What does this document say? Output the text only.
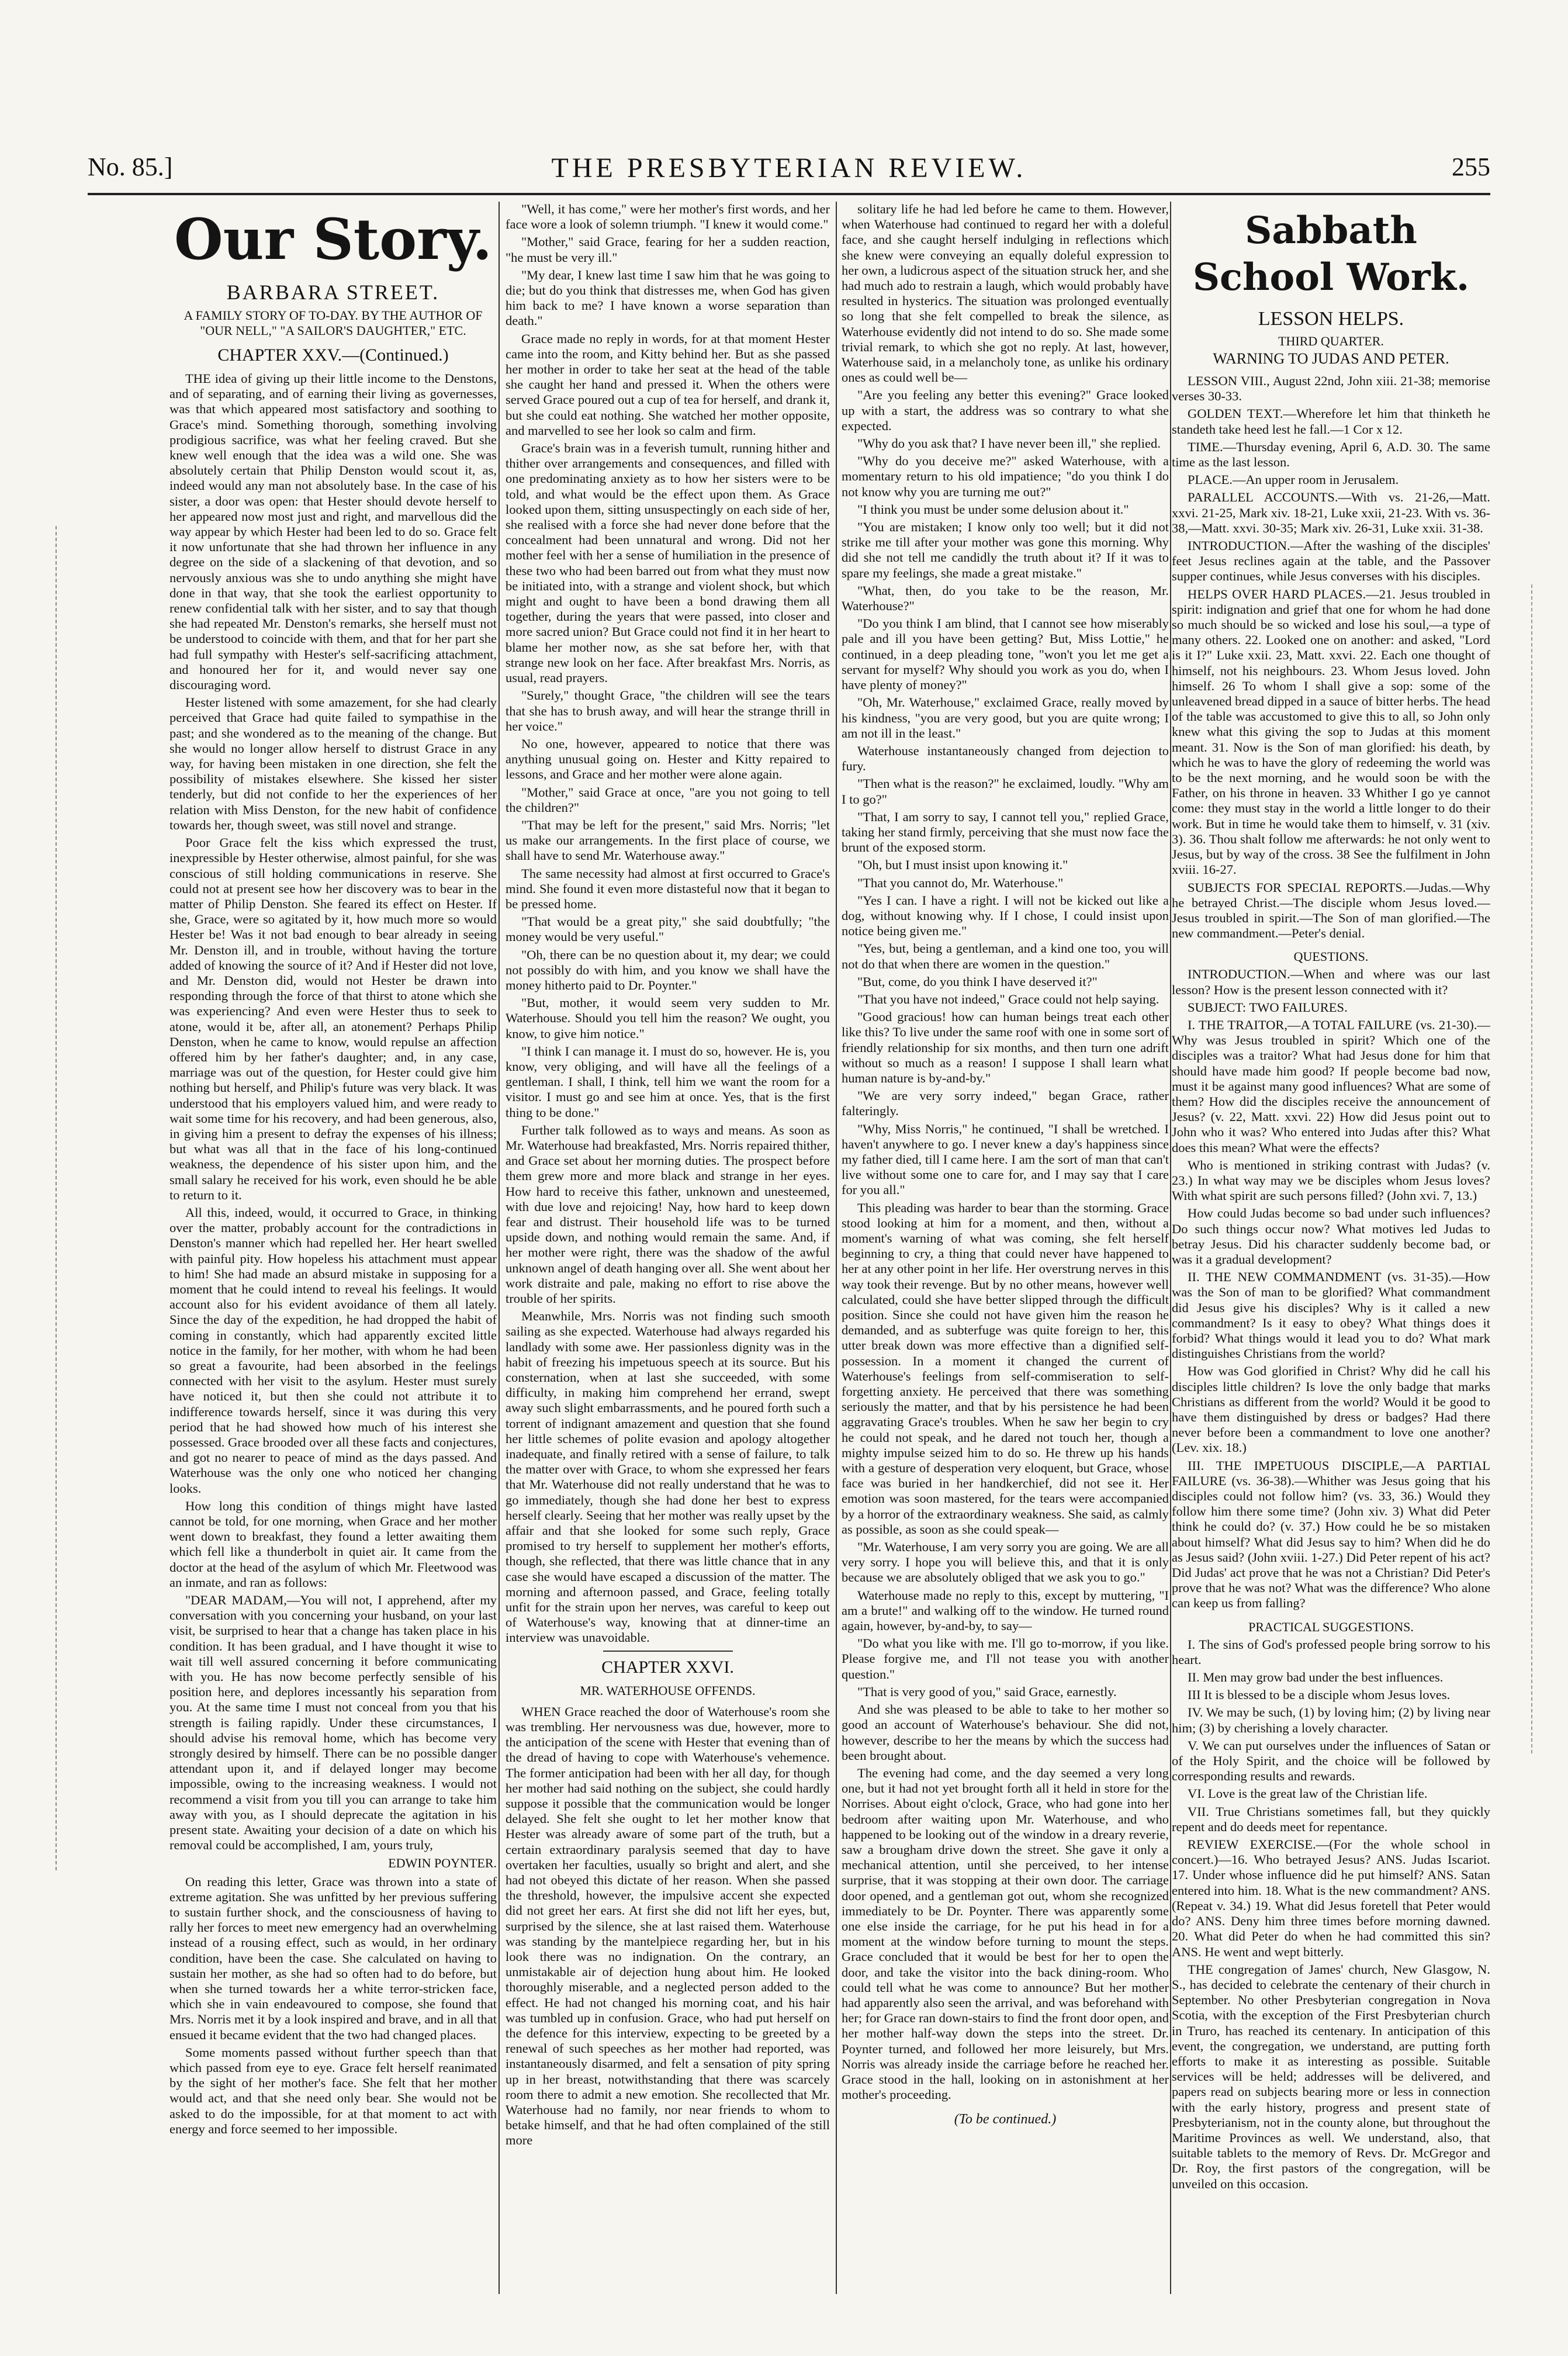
No. 85.]	THE PRESBYTERIAN REVIEW.	255
Our Story.
BARBARA STREET.
A FAMILY STORY OF TO-DAY. BY THE AUTHOR OF "OUR NELL," "A SAILOR'S DAUGHTER," ETC.
CHAPTER XXV.—(Continued.)

THE idea of giving up their little income to the Denstons, and of separating, and of earning their living as governesses, was that which appeared most satisfactory and soothing to Grace's mind. Something thorough, something involving prodigious sacrifice, was what her feeling craved. But she knew well enough that the idea was a wild one. She was absolutely certain that Philip Denston would scout it, as, indeed would any man not absolutely base. In the case of his sister, a door was open: that Hester should devote herself to her appeared now most just and right, and marvellous did the way appear by which Hester had been led to do so. Grace felt it now unfortunate that she had thrown her influence in any degree on the side of a slackening of that devotion, and so nervously anxious was she to undo anything she might have done in that way, that she took the earliest opportunity to renew confidential talk with her sister, and to say that though she had repeated Mr. Denston's remarks, she herself must not be understood to coincide with them, and that for her part she had full sympathy with Hester's self-sacrificing attachment, and honoured her for it, and would never say one discouraging word.

Hester listened with some amazement, for she had clearly perceived that Grace had quite failed to sympathise in the past; and she wondered as to the meaning of the change. But she would no longer allow herself to distrust Grace in any way, for having been mistaken in one direction, she felt the possibility of mistakes elsewhere. She kissed her sister tenderly, but did not confide to her the experiences of her relation with Miss Denston, for the new habit of confidence towards her, though sweet, was still novel and strange.

Poor Grace felt the kiss which expressed the trust, inexpressible by Hester otherwise, almost painful, for she was conscious of still holding communications in reserve. She could not at present see how her discovery was to bear in the matter of Philip Denston. She feared its effect on Hester. If she, Grace, were so agitated by it, how much more so would Hester be! Was it not bad enough to bear already in seeing Mr. Denston ill, and in trouble, without having the torture added of knowing the source of it? And if Hester did not love, and Mr. Denston did, would not Hester be drawn into responding through the force of that thirst to atone which she was experiencing? And even were Hester thus to seek to atone, would it be, after all, an atonement? Perhaps Philip Denston, when he came to know, would repulse an affection offered him by her father's daughter; and, in any case, marriage was out of the question, for Hester could give him nothing but herself, and Philip's future was very black. It was understood that his employers valued him, and were ready to wait some time for his recovery, and had been generous, also, in giving him a present to defray the expenses of his illness; but what was all that in the face of his long-continued weakness, the dependence of his sister upon him, and the small salary he received for his work, even should he be able to return to it.

All this, indeed, would, it occurred to Grace, in thinking over the matter, probably account for the contradictions in Denston's manner which had repelled her. Her heart swelled with painful pity. How hopeless his attachment must appear to him! She had made an absurd mistake in supposing for a moment that he could intend to reveal his feelings. It would account also for his evident avoidance of them all lately. Since the day of the expedition, he had dropped the habit of coming in constantly, which had apparently excited little notice in the family, for her mother, with whom he had been so great a favourite, had been absorbed in the feelings connected with her visit to the asylum. Hester must surely have noticed it, but then she could not attribute it to indifference towards herself, since it was during this very period that he had showed how much of his interest she possessed. Grace brooded over all these facts and conjectures, and got no nearer to peace of mind as the days passed. And Waterhouse was the only one who noticed her changing looks.

How long this condition of things might have lasted cannot be told, for one morning, when Grace and her mother went down to breakfast, they found a letter awaiting them which fell like a thunderbolt in quiet air. It came from the doctor at the head of the asylum of which Mr. Fleetwood was an inmate, and ran as follows:

"DEAR MADAM,—You will not, I apprehend, after my conversation with you concerning your husband, on your last visit, be surprised to hear that a change has taken place in his condition. It has been gradual, and I have thought it wise to wait till well assured concerning it before communicating with you. He has now become perfectly sensible of his position here, and deplores incessantly his separation from you. At the same time I must not conceal from you that his strength is failing rapidly. Under these circumstances, I should advise his removal home, which has become very strongly desired by himself. There can be no possible danger attendant upon it, and if delayed longer may become impossible, owing to the increasing weakness. I would not recommend a visit from you till you can arrange to take him away with you, as I should deprecate the agitation in his present state. Awaiting your decision of a date on which his removal could be accomplished, I am, yours truly,

EDWIN POYNTER.

On reading this letter, Grace was thrown into a state of extreme agitation. She was unfitted by her previous suffering to sustain further shock, and the consciousness of having to rally her forces to meet new emergency had an overwhelming instead of a rousing effect, such as would, in her ordinary condition, have been the case. She calculated on having to sustain her mother, as she had so often had to do before, but when she turned towards her a white terror-stricken face, which she in vain endeavoured to compose, she found that Mrs. Norris met it by a look inspired and brave, and in all that ensued it became evident that the two had changed places.

Some moments passed without further speech than that which passed from eye to eye. Grace felt herself reanimated by the sight of her mother's face. She felt that her mother would act, and that she need only bear. She would not be asked to do the impossible, for at that moment to act with energy and force seemed to her impossible.

"Well, it has come," were her mother's first words, and her face wore a look of solemn triumph. "I knew it would come."

"Mother," said Grace, fearing for her a sudden reaction, "he must be very ill."

"My dear, I knew last time I saw him that he was going to die; but do you think that distresses me, when God has given him back to me? I have known a worse separation than death."

Grace made no reply in words, for at that moment Hester came into the room, and Kitty behind her. But as she passed her mother in order to take her seat at the head of the table she caught her hand and pressed it. When the others were served Grace poured out a cup of tea for herself, and drank it, but she could eat nothing. She watched her mother opposite, and marvelled to see her look so calm and firm.

Grace's brain was in a feverish tumult, running hither and thither over arrangements and consequences, and filled with one predominating anxiety as to how her sisters were to be told, and what would be the effect upon them. As Grace looked upon them, sitting unsuspectingly on each side of her, she realised with a force she had never done before that the concealment had been unnatural and wrong. Did not her mother feel with her a sense of humiliation in the presence of these two who had been barred out from what they must now be initiated into, with a strange and violent shock, but which might and ought to have been a bond drawing them all together, during the years that were passed, into closer and more sacred union? But Grace could not find it in her heart to blame her mother now, as she sat before her, with that strange new look on her face. After breakfast Mrs. Norris, as usual, read prayers.

"Surely," thought Grace, "the children will see the tears that she has to brush away, and will hear the strange thrill in her voice."

No one, however, appeared to notice that there was anything unusual going on. Hester and Kitty repaired to lessons, and Grace and her mother were alone again.

"Mother," said Grace at once, "are you not going to tell the children?"

"That may be left for the present," said Mrs. Norris; "let us make our arrangements. In the first place of course, we shall have to send Mr. Waterhouse away."

The same necessity had almost at first occurred to Grace's mind. She found it even more distasteful now that it began to be pressed home.

"That would be a great pity," she said doubtfully; "the money would be very useful."

"Oh, there can be no question about it, my dear; we could not possibly do with him, and you know we shall have the money hitherto paid to Dr. Poynter."

"But, mother, it would seem very sudden to Mr. Waterhouse. Should you tell him the reason? We ought, you know, to give him notice."

"I think I can manage it. I must do so, however. He is, you know, very obliging, and will have all the feelings of a gentleman. I shall, I think, tell him we want the room for a visitor. I must go and see him at once. Yes, that is the first thing to be done."

Further talk followed as to ways and means. As soon as Mr. Waterhouse had breakfasted, Mrs. Norris repaired thither, and Grace set about her morning duties. The prospect before them grew more and more black and strange in her eyes. How hard to receive this father, unknown and unesteemed, with due love and rejoicing! Nay, how hard to keep down fear and distrust. Their household life was to be turned upside down, and nothing would remain the same. And, if her mother were right, there was the shadow of the awful unknown angel of death hanging over all. She went about her work distraite and pale, making no effort to rise above the trouble of her spirits.

Meanwhile, Mrs. Norris was not finding such smooth sailing as she expected. Waterhouse had always regarded his landlady with some awe. Her passionless dignity was in the habit of freezing his impetuous speech at its source. But his consternation, when at last she succeeded, with some difficulty, in making him comprehend her errand, swept away such slight embarrassments, and he poured forth such a torrent of indignant amazement and question that she found her little schemes of polite evasion and apology altogether inadequate, and finally retired with a sense of failure, to talk the matter over with Grace, to whom she expressed her fears that Mr. Waterhouse did not really understand that he was to go immediately, though she had done her best to express herself clearly. Seeing that her mother was really upset by the affair and that she looked for some such reply, Grace promised to try herself to supplement her mother's efforts, though, she reflected, that there was little chance that in any case she would have escaped a discussion of the matter. The morning and afternoon passed, and Grace, feeling totally unfit for the strain upon her nerves, was careful to keep out of Waterhouse's way, knowing that at dinner-time an interview was unavoidable.

CHAPTER XXVI.
MR. WATERHOUSE OFFENDS.

WHEN Grace reached the door of Waterhouse's room she was trembling. Her nervousness was due, however, more to the anticipation of the scene with Hester that evening than of the dread of having to cope with Waterhouse's vehemence. The former anticipation had been with her all day, for though her mother had said nothing on the subject, she could hardly suppose it possible that the communication would be longer delayed. She felt she ought to let her mother know that Hester was already aware of some part of the truth, but a certain extraordinary paralysis seemed that day to have overtaken her faculties, usually so bright and alert, and she had not obeyed this dictate of her reason. When she passed the threshold, however, the impulsive accent she expected did not greet her ears. At first she did not lift her eyes, but, surprised by the silence, she at last raised them. Waterhouse was standing by the mantelpiece regarding her, but in his look there was no indignation. On the contrary, an unmistakable air of dejection hung about him. He looked thoroughly miserable, and a neglected person added to the effect. He had not changed his morning coat, and his hair was tumbled up in confusion. Grace, who had put herself on the defence for this interview, expecting to be greeted by a renewal of such speeches as her mother had reported, was instantaneously disarmed, and felt a sensation of pity spring up in her breast, notwithstanding that there was scarcely room there to admit a new emotion. She recollected that Mr. Waterhouse had no family, nor near friends to whom to betake himself, and that he had often complained of the still more

solitary life he had led before he came to them. However, when Waterhouse had continued to regard her with a doleful face, and she caught herself indulging in reflections which she knew were conveying an equally doleful expression to her own, a ludicrous aspect of the situation struck her, and she had much ado to restrain a laugh, which would probably have resulted in hysterics. The situation was prolonged eventually so long that she felt compelled to break the silence, as Waterhouse evidently did not intend to do so. She made some trivial remark, to which she got no reply. At last, however, Waterhouse said, in a melancholy tone, as unlike his ordinary ones as could well be—

"Are you feeling any better this evening?" Grace looked up with a start, the address was so contrary to what she expected.

"Why do you ask that? I have never been ill," she replied.

"Why do you deceive me?" asked Waterhouse, with a momentary return to his old impatience; "do you think I do not know why you are turning me out?"

"I think you must be under some delusion about it."

"You are mistaken; I know only too well; but it did not strike me till after your mother was gone this morning. Why did she not tell me candidly the truth about it? If it was to spare my feelings, she made a great mistake."

"What, then, do you take to be the reason, Mr. Waterhouse?"

"Do you think I am blind, that I cannot see how miserably pale and ill you have been getting? But, Miss Lottie," he continued, in a deep pleading tone, "won't you let me get a servant for myself? Why should you work as you do, when I have plenty of money?"

"Oh, Mr. Waterhouse," exclaimed Grace, really moved by his kindness, "you are very good, but you are quite wrong; I am not ill in the least."

Waterhouse instantaneously changed from dejection to fury.

"Then what is the reason?" he exclaimed, loudly. "Why am I to go?"

"That, I am sorry to say, I cannot tell you," replied Grace, taking her stand firmly, perceiving that she must now face the brunt of the exposed storm.

"Oh, but I must insist upon knowing it."

"That you cannot do, Mr. Waterhouse."

"Yes I can. I have a right. I will not be kicked out like a dog, without knowing why. If I chose, I could insist upon notice being given me."

"Yes, but, being a gentleman, and a kind one too, you will not do that when there are women in the question."

"But, come, do you think I have deserved it?"

"That you have not indeed," Grace could not help saying.

"Good gracious! how can human beings treat each other like this? To live under the same roof with one in some sort of friendly relationship for six months, and then turn one adrift without so much as a reason! I suppose I shall learn what human nature is by-and-by."

"We are very sorry indeed," began Grace, rather falteringly.

"Why, Miss Norris," he continued, "I shall be wretched. I haven't anywhere to go. I never knew a day's happiness since my father died, till I came here. I am the sort of man that can't live without some one to care for, and I may say that I care for you all."

This pleading was harder to bear than the storming. Grace stood looking at him for a moment, and then, without a moment's warning of what was coming, she felt herself beginning to cry, a thing that could never have happened to her at any other point in her life. Her overstrung nerves in this way took their revenge. But by no other means, however well calculated, could she have better slipped through the difficult position. Since she could not have given him the reason he demanded, and as subterfuge was quite foreign to her, this utter break down was more effective than a dignified self-possession. In a moment it changed the current of Waterhouse's feelings from self-commiseration to self-forgetting anxiety. He perceived that there was something seriously the matter, and that by his persistence he had been aggravating Grace's troubles. When he saw her begin to cry he could not speak, and he dared not touch her, though a mighty impulse seized him to do so. He threw up his hands with a gesture of desperation very eloquent, but Grace, whose face was buried in her handkerchief, did not see it. Her emotion was soon mastered, for the tears were accompanied by a horror of the extraordinary weakness. She said, as calmly as possible, as soon as she could speak—

"Mr. Waterhouse, I am very sorry you are going. We are all very sorry. I hope you will believe this, and that it is only because we are absolutely obliged that we ask you to go."

Waterhouse made no reply to this, except by muttering, "I am a brute!" and walking off to the window. He turned round again, however, by-and-by, to say—

"Do what you like with me. I'll go to-morrow, if you like. Please forgive me, and I'll not tease you with another question."

"That is very good of you," said Grace, earnestly.

And she was pleased to be able to take to her mother so good an account of Waterhouse's behaviour. She did not, however, describe to her the means by which the success had been brought about.

The evening had come, and the day seemed a very long one, but it had not yet brought forth all it held in store for the Norrises. About eight o'clock, Grace, who had gone into her bedroom after waiting upon Mr. Waterhouse, and who happened to be looking out of the window in a dreary reverie, saw a brougham drive down the street. She gave it only a mechanical attention, until she perceived, to her intense surprise, that it was stopping at their own door. The carriage door opened, and a gentleman got out, whom she recognized immediately to be Dr. Poynter. There was apparently some one else inside the carriage, for he put his head in for a moment at the window before turning to mount the steps. Grace concluded that it would be best for her to open the door, and take the visitor into the back dining-room. Who could tell what he was come to announce? But her mother had apparently also seen the arrival, and was beforehand with her; for Grace ran down-stairs to find the front door open, and her mother half-way down the steps into the street. Dr. Poynter turned, and followed her more leisurely, but Mrs. Norris was already inside the carriage before he reached her. Grace stood in the hall, looking on in astonishment at her mother's proceeding.

(To be continued.)
Sabbath School Work.
LESSON HELPS.
THIRD QUARTER.
WARNING TO JUDAS AND PETER.

LESSON VIII., August 22nd, John xiii. 21-38; memorise verses 30-33.

GOLDEN TEXT.—Wherefore let him that thinketh he standeth take heed lest he fall.—1 Cor x 12.

TIME.—Thursday evening, April 6, A.D. 30. The same time as the last lesson.

PLACE.—An upper room in Jerusalem.

PARALLEL ACCOUNTS.—With vs. 21-26,—Matt. xxvi. 21-25, Mark xiv. 18-21, Luke xxii, 21-23. With vs. 36-38,—Matt. xxvi. 30-35; Mark xiv. 26-31, Luke xxii. 31-38.

INTRODUCTION.—After the washing of the disciples' feet Jesus reclines again at the table, and the Passover supper continues, while Jesus converses with his disciples.

HELPS OVER HARD PLACES.—21. Jesus troubled in spirit: indignation and grief that one for whom he had done so much should be so wicked and lose his soul,—a type of many others. 22. Looked one on another: and asked, "Lord is it I?" Luke xxii. 23, Matt. xxvi. 22. Each one thought of himself, not his neighbours. 23. Whom Jesus loved. John himself. 26 To whom I shall give a sop: some of the unleavened bread dipped in a sauce of bitter herbs. The head of the table was accustomed to give this to all, so John only knew what this giving the sop to Judas at this moment meant. 31. Now is the Son of man glorified: his death, by which he was to have the glory of redeeming the world was to be the next morning, and he would soon be with the Father, on his throne in heaven. 33 Whither I go ye cannot come: they must stay in the world a little longer to do their work. But in time he would take them to himself, v. 31 (xiv. 3). 36. Thou shalt follow me afterwards: he not only went to Jesus, but by way of the cross. 38 See the fulfilment in John xviii. 16-27.

SUBJECTS FOR SPECIAL REPORTS.—Judas.—Why he betrayed Christ.—The disciple whom Jesus loved.—Jesus troubled in spirit.—The Son of man glorified.—The new commandment.—Peter's denial.

QUESTIONS.

INTRODUCTION.—When and where was our last lesson? How is the present lesson connected with it?

SUBJECT: TWO FAILURES.

I. THE TRAITOR,—A TOTAL FAILURE (vs. 21-30).—Why was Jesus troubled in spirit? Which one of the disciples was a traitor? What had Jesus done for him that should have made him good? If people become bad now, must it be against many good influences? What are some of them? How did the disciples receive the announcement of Jesus? (v. 22, Matt. xxvi. 22) How did Jesus point out to John who it was? Who entered into Judas after this? What does this mean? What were the effects?

Who is mentioned in striking contrast with Judas? (v. 23.) In what way may we be disciples whom Jesus loves? With what spirit are such persons filled? (John xvi. 7, 13.)

How could Judas become so bad under such influences? Do such things occur now? What motives led Judas to betray Jesus. Did his character suddenly become bad, or was it a gradual development?

II. THE NEW COMMANDMENT (vs. 31-35).—How was the Son of man to be glorified? What commandment did Jesus give his disciples? Why is it called a new commandment? Is it easy to obey? What things does it forbid? What things would it lead you to do? What mark distinguishes Christians from the world?

How was God glorified in Christ? Why did he call his disciples little children? Is love the only badge that marks Christians as different from the world? Would it be good to have them distinguished by dress or badges? Had there never before been a commandment to love one another? (Lev. xix. 18.)

III. THE IMPETUOUS DISCIPLE,—A PARTIAL FAILURE (vs. 36-38).—Whither was Jesus going that his disciples could not follow him? (vs. 33, 36.) Would they follow him there some time? (John xiv. 3) What did Peter think he could do? (v. 37.) How could he be so mistaken about himself? What did Jesus say to him? When did he do as Jesus said? (John xviii. 1-27.) Did Peter repent of his act? Did Judas' act prove that he was not a Christian? Did Peter's prove that he was not? What was the difference? Who alone can keep us from falling?

PRACTICAL SUGGESTIONS.

I. The sins of God's professed people bring sorrow to his heart.

II. Men may grow bad under the best influences.

III It is blessed to be a disciple whom Jesus loves.

IV. We may be such, (1) by loving him; (2) by living near him; (3) by cherishing a lovely character.

V. We can put ourselves under the influences of Satan or of the Holy Spirit, and the choice will be followed by corresponding results and rewards.

VI. Love is the great law of the Christian life.

VII. True Christians sometimes fall, but they quickly repent and do deeds meet for repentance.

REVIEW EXERCISE.—(For the whole school in concert.)—16. Who betrayed Jesus? ANS. Judas Iscariot. 17. Under whose influence did he put himself? ANS. Satan entered into him. 18. What is the new commandment? ANS. (Repeat v. 34.) 19. What did Jesus foretell that Peter would do? ANS. Deny him three times before morning dawned. 20. What did Peter do when he had committed this sin? ANS. He went and wept bitterly.

THE congregation of James' church, New Glasgow, N. S., has decided to celebrate the centenary of their church in September. No other Presbyterian congregation in Nova Scotia, with the exception of the First Presbyterian church in Truro, has reached its centenary. In anticipation of this event, the congregation, we understand, are putting forth efforts to make it as interesting as possible. Suitable services will be held; addresses will be delivered, and papers read on subjects bearing more or less in connection with the early history, progress and present state of Presbyterianism, not in the county alone, but throughout the Maritime Provinces as well. We understand, also, that suitable tablets to the memory of Revs. Dr. McGregor and Dr. Roy, the first pastors of the congregation, will be unveiled on this occasion.
